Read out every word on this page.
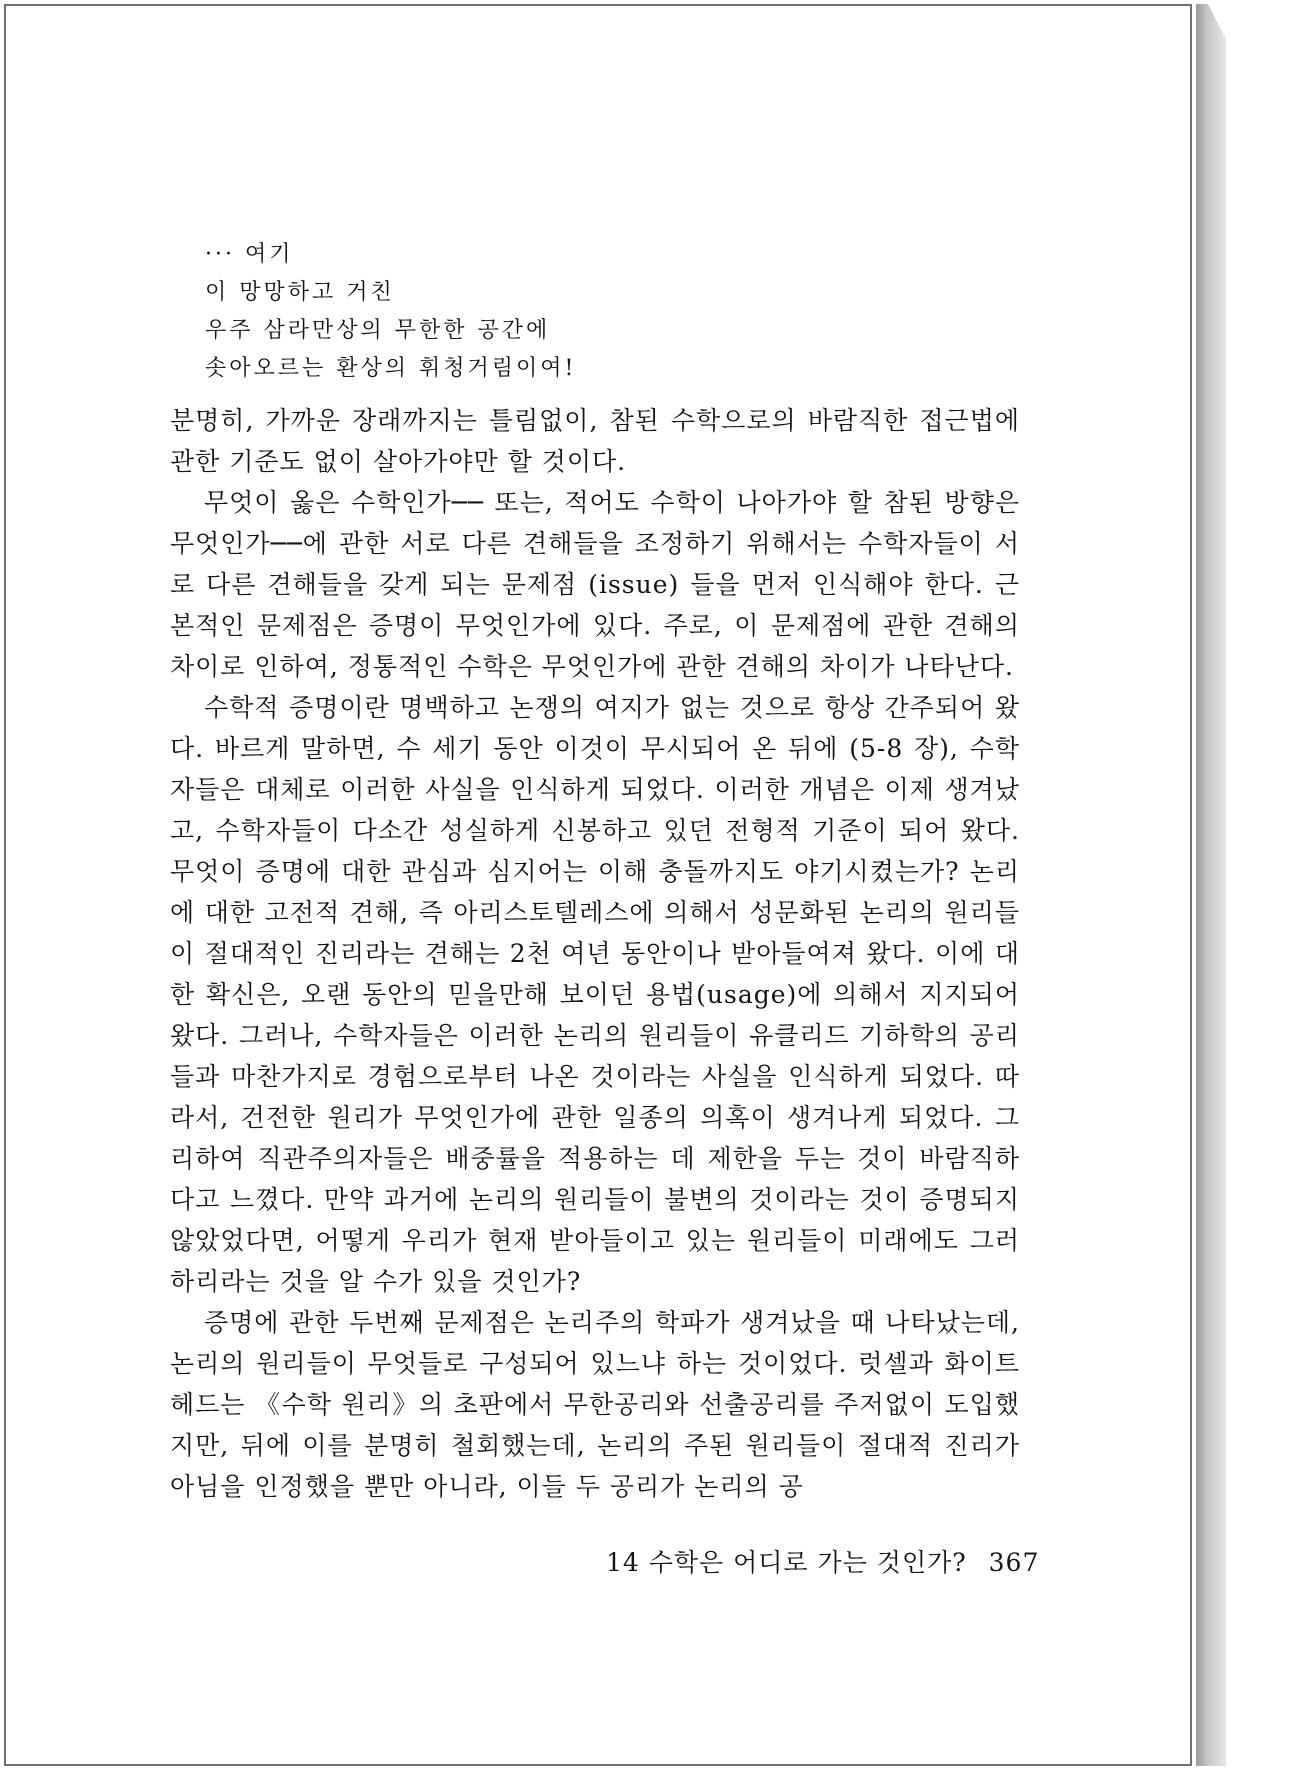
··· 여기
이 망망하고 거친
우주 삼라만상의 무한한 공간에
솟아오르는 환상의 휘청거림이여!

분명히, 가까운 장래까지는 틀림없이, 참된 수학으로의 바람직한 접근법에 관한 기준도 없이 살아가야만 할 것이다.

무엇이 옳은 수학인가── 또는, 적어도 수학이 나아가야 할 참된 방향은 무엇인가──에 관한 서로 다른 견해들을 조정하기 위해서는 수학자들이 서로 다른 견해들을 갖게 되는 문제점 (issue) 들을 먼저 인식해야 한다. 근본적인 문제점은 증명이 무엇인가에 있다. 주로, 이 문제점에 관한 견해의 차이로 인하여, 정통적인 수학은 무엇인가에 관한 견해의 차이가 나타난다.

수학적 증명이란 명백하고 논쟁의 여지가 없는 것으로 항상 간주되어 왔다. 바르게 말하면, 수 세기 동안 이것이 무시되어 온 뒤에 (5-8 장), 수학자들은 대체로 이러한 사실을 인식하게 되었다. 이러한 개념은 이제 생겨났고, 수학자들이 다소간 성실하게 신봉하고 있던 전형적 기준이 되어 왔다. 무엇이 증명에 대한 관심과 심지어는 이해 충돌까지도 야기시켰는가? 논리에 대한 고전적 견해, 즉 아리스토텔레스에 의해서 성문화된 논리의 원리들이 절대적인 진리라는 견해는 2천 여년 동안이나 받아들여져 왔다. 이에 대한 확신은, 오랜 동안의 믿을만해 보이던 용법(usage)에 의해서 지지되어 왔다. 그러나, 수학자들은 이러한 논리의 원리들이 유클리드 기하학의 공리들과 마찬가지로 경험으로부터 나온 것이라는 사실을 인식하게 되었다. 따라서, 건전한 원리가 무엇인가에 관한 일종의 의혹이 생겨나게 되었다. 그리하여 직관주의자들은 배중률을 적용하는 데 제한을 두는 것이 바람직하다고 느꼈다. 만약 과거에 논리의 원리들이 불변의 것이라는 것이 증명되지 않았었다면, 어떻게 우리가 현재 받아들이고 있는 원리들이 미래에도 그러하리라는 것을 알 수가 있을 것인가?

증명에 관한 두번째 문제점은 논리주의 학파가 생겨났을 때 나타났는데, 논리의 원리들이 무엇들로 구성되어 있느냐 하는 것이었다. 럿셀과 화이트헤드는 《수학 원리》의 초판에서 무한공리와 선출공리를 주저없이 도입했지만, 뒤에 이를 분명히 철회했는데, 논리의 주된 원리들이 절대적 진리가 아님을 인정했을 뿐만 아니라, 이들 두 공리가 논리의 공

14 수학은 어디로 가는 것인가? 367
